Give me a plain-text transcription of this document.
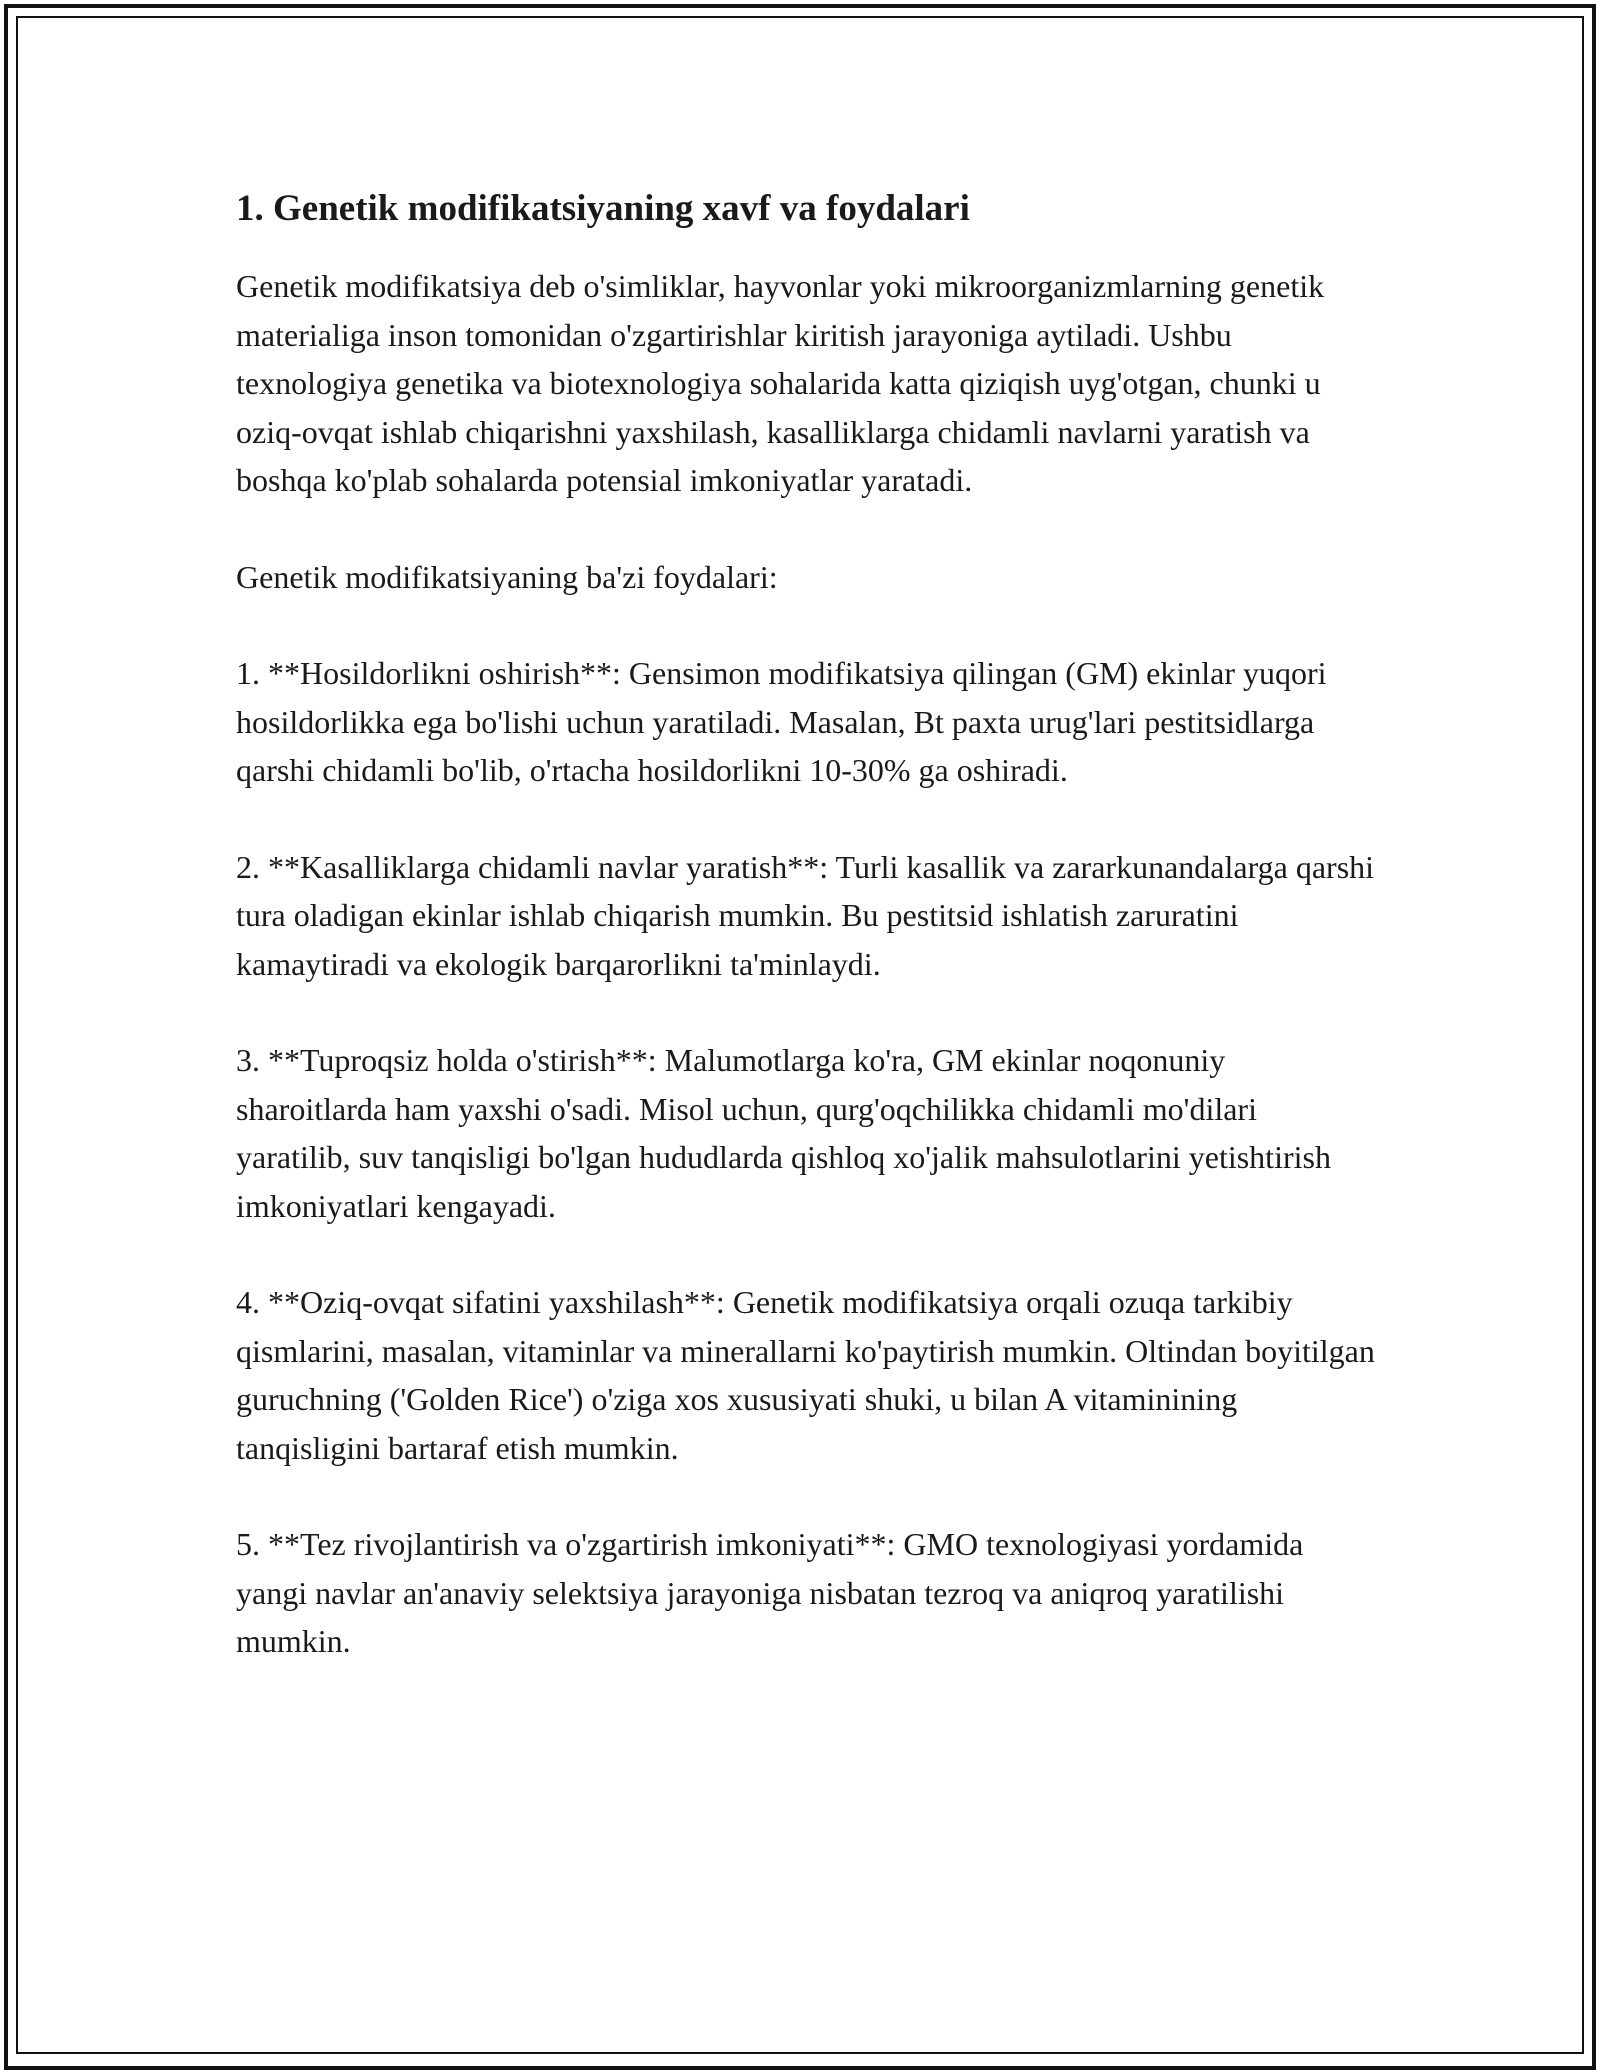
1. Genetik modifikatsiyaning xavf va foydalari

Genetik modifikatsiya deb o'simliklar, hayvonlar yoki mikroorganizmlarning genetik materialiga inson tomonidan o'zgartirishlar kiritish jarayoniga aytiladi. Ushbu texnologiya genetika va biotexnologiya sohalarida katta qiziqish uyg'otgan, chunki u oziq-ovqat ishlab chiqarishni yaxshilash, kasalliklarga chidamli navlarni yaratish va boshqa ko'plab sohalarda potensial imkoniyatlar yaratadi.

Genetik modifikatsiyaning ba'zi foydalari:

1. **Hosildorlikni oshirish**: Gensimon modifikatsiya qilingan (GM) ekinlar yuqori hosildorlikka ega bo'lishi uchun yaratiladi. Masalan, Bt paxta urug'lari pestitsidlarga qarshi chidamli bo'lib, o'rtacha hosildorlikni 10-30% ga oshiradi.

2. **Kasalliklarga chidamli navlar yaratish**: Turli kasallik va zararkunandalarga qarshi tura oladigan ekinlar ishlab chiqarish mumkin. Bu pestitsid ishlatish zaruratini kamaytiradi va ekologik barqarorlikni ta'minlaydi.

3. **Tuproqsiz holda o'stirish**: Malumotlarga ko'ra, GM ekinlar noqonuniy sharoitlarda ham yaxshi o'sadi. Misol uchun, qurg'oqchilikka chidamli mo'dilari yaratilib, suv tanqisligi bo'lgan hududlarda qishloq xo'jalik mahsulotlarini yetishtirish imkoniyatlari kengayadi.

4. **Oziq-ovqat sifatini yaxshilash**: Genetik modifikatsiya orqali ozuqa tarkibiy qismlarini, masalan, vitaminlar va minerallarni ko'paytirish mumkin. Oltindan boyitilgan guruchning ('Golden Rice') o'ziga xos xususiyati shuki, u bilan A vitaminining tanqisligini bartaraf etish mumkin.

5. **Tez rivojlantirish va o'zgartirish imkoniyati**: GMO texnologiyasi yordamida yangi navlar an'anaviy selektsiya jarayoniga nisbatan tezroq va aniqroq yaratilishi mumkin.
